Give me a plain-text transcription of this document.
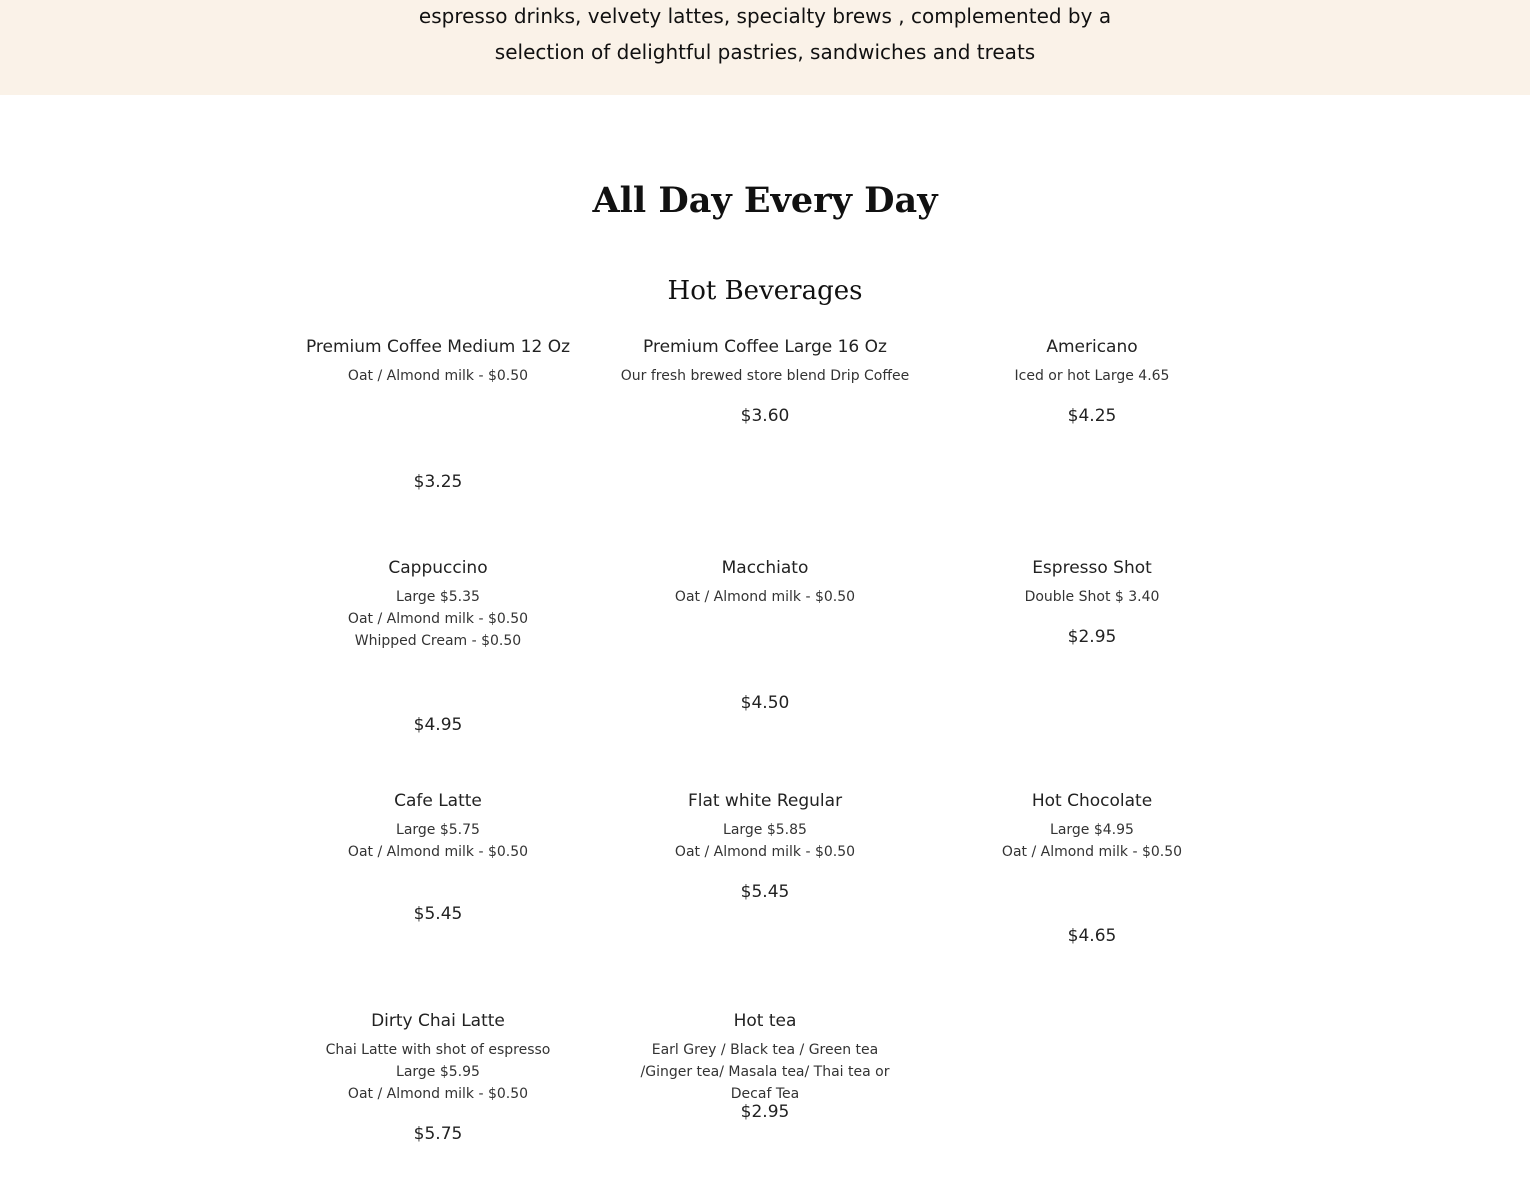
espresso drinks, velvety lattes, specialty brews , complemented by a

selection of delightful pastries, sandwiches and treats

All Day Every Day
Hot Beverages
Premium Coffee Medium 12 Oz
Oat / Almond milk - $0.50
$3.25
Premium Coffee Large 16 Oz
Our fresh brewed store blend Drip Coffee
$3.60
Americano
Iced or hot Large 4.65
$4.25
Cappuccino
Large $5.35
Oat / Almond milk - $0.50
Whipped Cream - $0.50
$4.95
Macchiato
Oat / Almond milk - $0.50
$4.50
Espresso Shot
Double Shot $ 3.40
$2.95
Cafe Latte
Large $5.75
Oat / Almond milk - $0.50
$5.45
Flat white Regular
Large $5.85
Oat / Almond milk - $0.50
$5.45
Hot Chocolate
Large $4.95
Oat / Almond milk - $0.50
$4.65
Dirty Chai Latte
Chai Latte with shot of espresso
Large $5.95
Oat / Almond milk - $0.50
$5.75
Hot tea
Earl Grey / Black tea / Green tea /Ginger tea/ Masala tea/ Thai tea or Decaf Tea
$2.95
